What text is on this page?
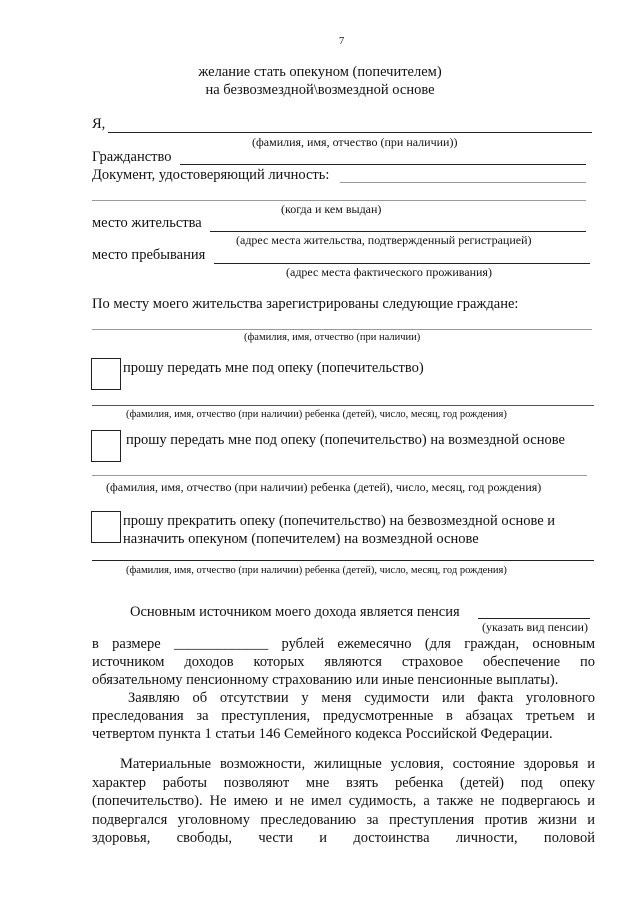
7
желание стать опекуном (попечителем)
на безвозмездной\возмездной основе
Я,
(фамилия, имя, отчество (при наличии))
Гражданство
Документ, удостоверяющий личность:
(когда и кем выдан)
место жительства
(адрес места жительства, подтвержденный регистрацией)
место пребывания
(адрес места фактического проживания)
По месту моего жительства зарегистрированы следующие граждане:
(фамилия, имя, отчество (при наличии)
прошу передать мне под опеку (попечительство)
(фамилия, имя, отчество (при наличии) ребенка (детей), число, месяц, год рождения)
прошу передать мне под опеку (попечительство) на возмездной основе
(фамилия, имя, отчество (при наличии) ребенка (детей), число, месяц, год рождения)
прошу прекратить опеку (попечительство) на безвозмездной основе и
назначить опекуном (попечителем) на возмездной основе
(фамилия, имя, отчество (при наличии) ребенка (детей), число, месяц, год рождения)
Основным источником моего дохода является пенсия
(указать вид пенсии)
в размере _____________ рублей ежемесячно (для граждан, основным
источником доходов которых являются страховое обеспечение по
обязательному пенсионному страхованию или иные пенсионные выплаты).
Заявляю об отсутствии у меня судимости или факта уголовного
преследования за преступления, предусмотренные в абзацах третьем и
четвертом пункта 1 статьи 146 Семейного кодекса Российской Федерации.
Материальные возможности, жилищные условия, состояние здоровья и
характер работы позволяют мне взять ребенка (детей) под опеку
(попечительство). Не имею и не имел судимость, а также не подвергаюсь и
подвергался уголовному преследованию за преступления против жизни и
здоровья, свободы, чести и достоинства личности, половой
